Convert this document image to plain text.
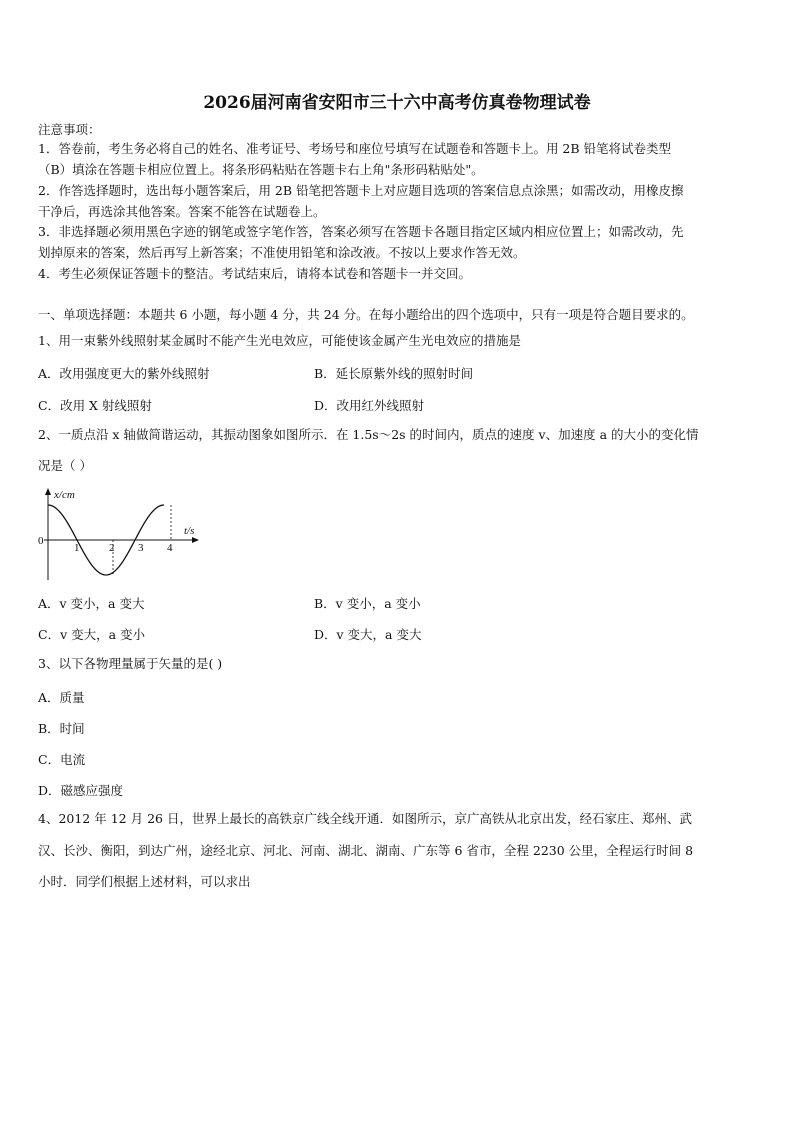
2026届河南省安阳市三十六中高考仿真卷物理试卷
注意事项：
1．答卷前，考生务必将自己的姓名、准考证号、考场号和座位号填写在试题卷和答题卡上。用 2B 铅笔将试卷类型
（B）填涂在答题卡相应位置上。将条形码粘贴在答题卡右上角"条形码粘贴处"。
2．作答选择题时，选出每小题答案后，用 2B 铅笔把答题卡上对应题目选项的答案信息点涂黑；如需改动，用橡皮擦
干净后，再选涂其他答案。答案不能答在试题卷上。
3．非选择题必须用黑色字迹的钢笔或签字笔作答，答案必须写在答题卡各题目指定区域内相应位置上；如需改动，先
划掉原来的答案，然后再写上新答案；不准使用铅笔和涂改液。不按以上要求作答无效。
4．考生必须保证答题卡的整洁。考试结束后，请将本试卷和答题卡一并交回。
一、单项选择题：本题共 6 小题，每小题 4 分，共 24 分。在每小题给出的四个选项中，只有一项是符合题目要求的。
1、用一束紫外线照射某金属时不能产生光电效应，可能使该金属产生光电效应的措施是
A．改用强度更大的紫外线照射	B．延长原紫外线的照射时间
C．改用 X 射线照射	D．改用红外线照射
2、一质点沿 x 轴做简谐运动，其振动图象如图所示．在 1.5s～2s 的时间内，质点的速度 v、加速度 a 的大小的变化情
况是（ ）
x/cm
t/s
0
1	2 3 4
A．v 变小，a 变大	B．v 变小，a 变小
C．v 变大，a 变小	D．v 变大，a 变大
3、以下各物理量属于矢量的是( )
A．质量
B．时间
C．电流
D．磁感应强度
4、2012 年 12 月 26 日，世界上最长的高铁京广线全线开通．如图所示，京广高铁从北京出发，经石家庄、郑州、武
汉、长沙、衡阳，到达广州，途经北京、河北、河南、湖北、湖南、广东等 6 省市，全程 2230 公里，全程运行时间 8
小时．同学们根据上述材料，可以求出
